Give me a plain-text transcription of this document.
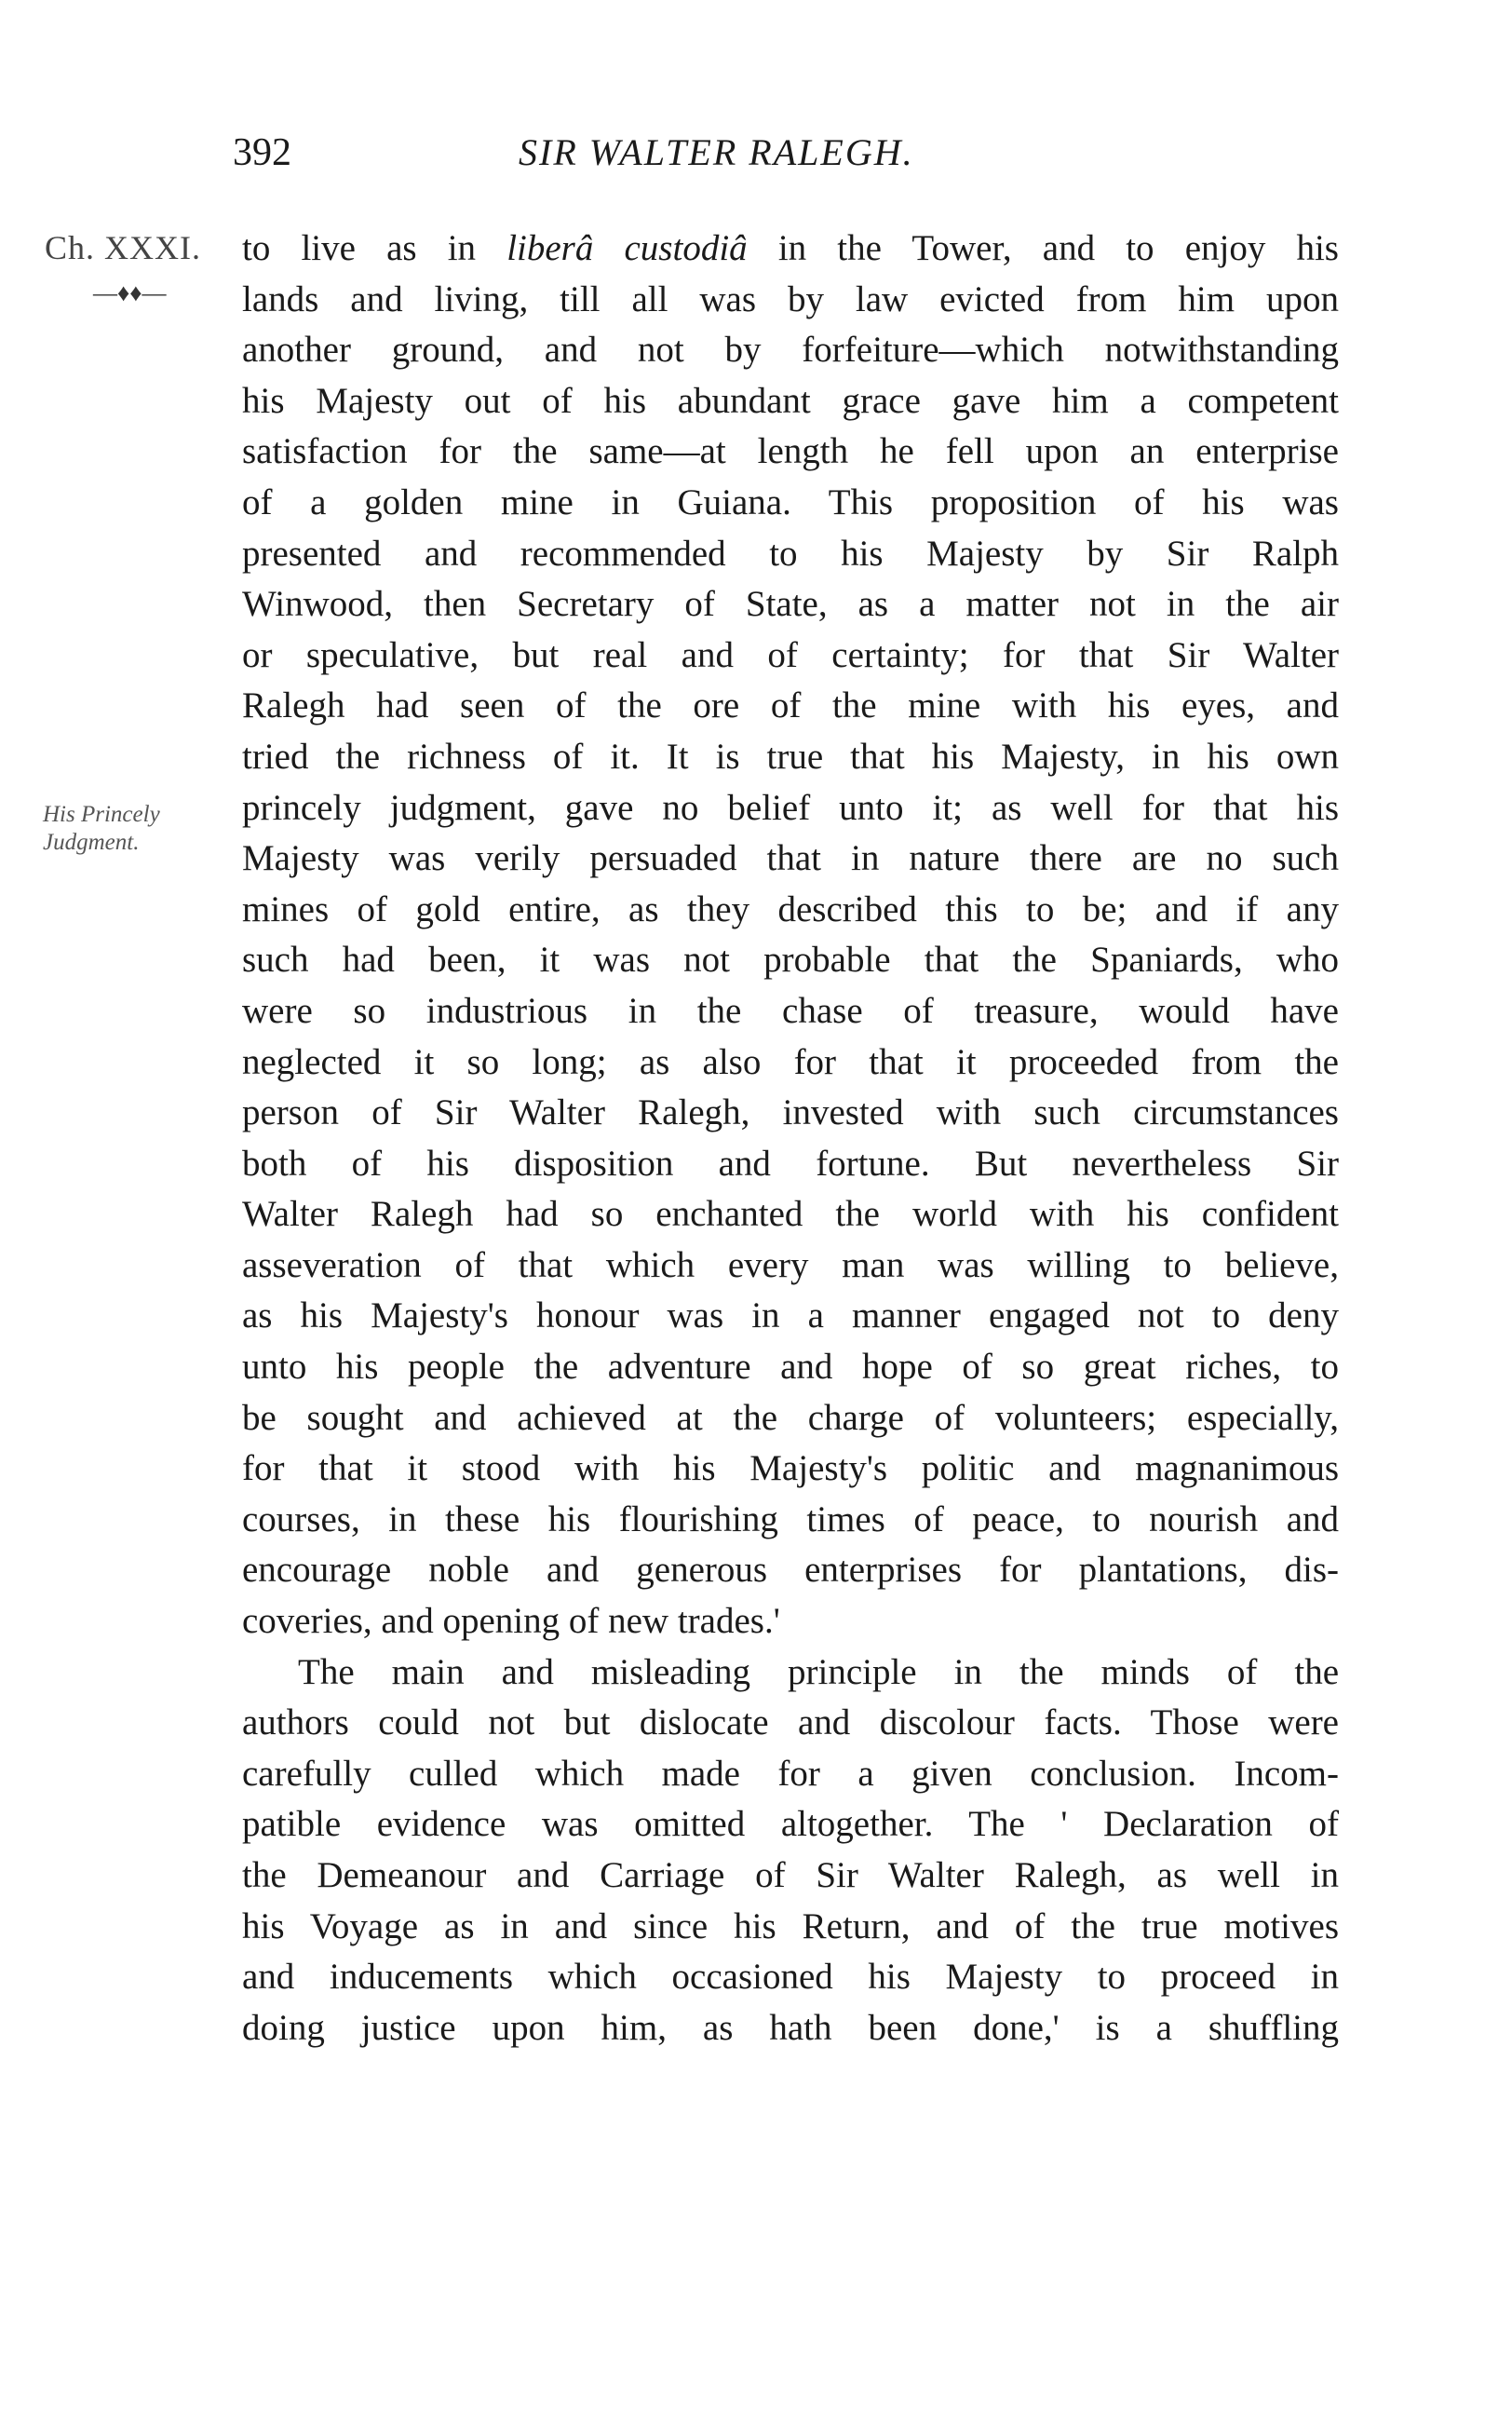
392	SIR WALTER RALEGH.
Ch. XXXI.
—♦♦—
His Princely
Judgment.
to live as in liberâ custodiâ in the Tower, and to enjoy his
lands and living, till all was by law evicted from him upon
another ground, and not by forfeiture—which notwithstanding
his Majesty out of his abundant grace gave him a competent
satisfaction for the same—at length he fell upon an enterprise
of a golden mine in Guiana. This proposition of his was
presented and recommended to his Majesty by Sir Ralph
Winwood, then Secretary of State, as a matter not in the air
or speculative, but real and of certainty; for that Sir Walter
Ralegh had seen of the ore of the mine with his eyes, and
tried the richness of it. It is true that his Majesty, in his own
princely judgment, gave no belief unto it; as well for that his
Majesty was verily persuaded that in nature there are no such
mines of gold entire, as they described this to be; and if any
such had been, it was not probable that the Spaniards, who
were so industrious in the chase of treasure, would have
neglected it so long; as also for that it proceeded from the
person of Sir Walter Ralegh, invested with such circumstances
both of his disposition and fortune. But nevertheless Sir
Walter Ralegh had so enchanted the world with his confident
asseveration of that which every man was willing to believe,
as his Majesty's honour was in a manner engaged not to deny
unto his people the adventure and hope of so great riches, to
be sought and achieved at the charge of volunteers; especially,
for that it stood with his Majesty's politic and magnanimous
courses, in these his flourishing times of peace, to nourish and
encourage noble and generous enterprises for plantations, dis-
coveries, and opening of new trades.'
The main and misleading principle in the minds of the
authors could not but dislocate and discolour facts. Those were
carefully culled which made for a given conclusion. Incom-
patible evidence was omitted altogether. The ' Declaration of
the Demeanour and Carriage of Sir Walter Ralegh, as well in
his Voyage as in and since his Return, and of the true motives
and inducements which occasioned his Majesty to proceed in
doing justice upon him, as hath been done,' is a shuffling
